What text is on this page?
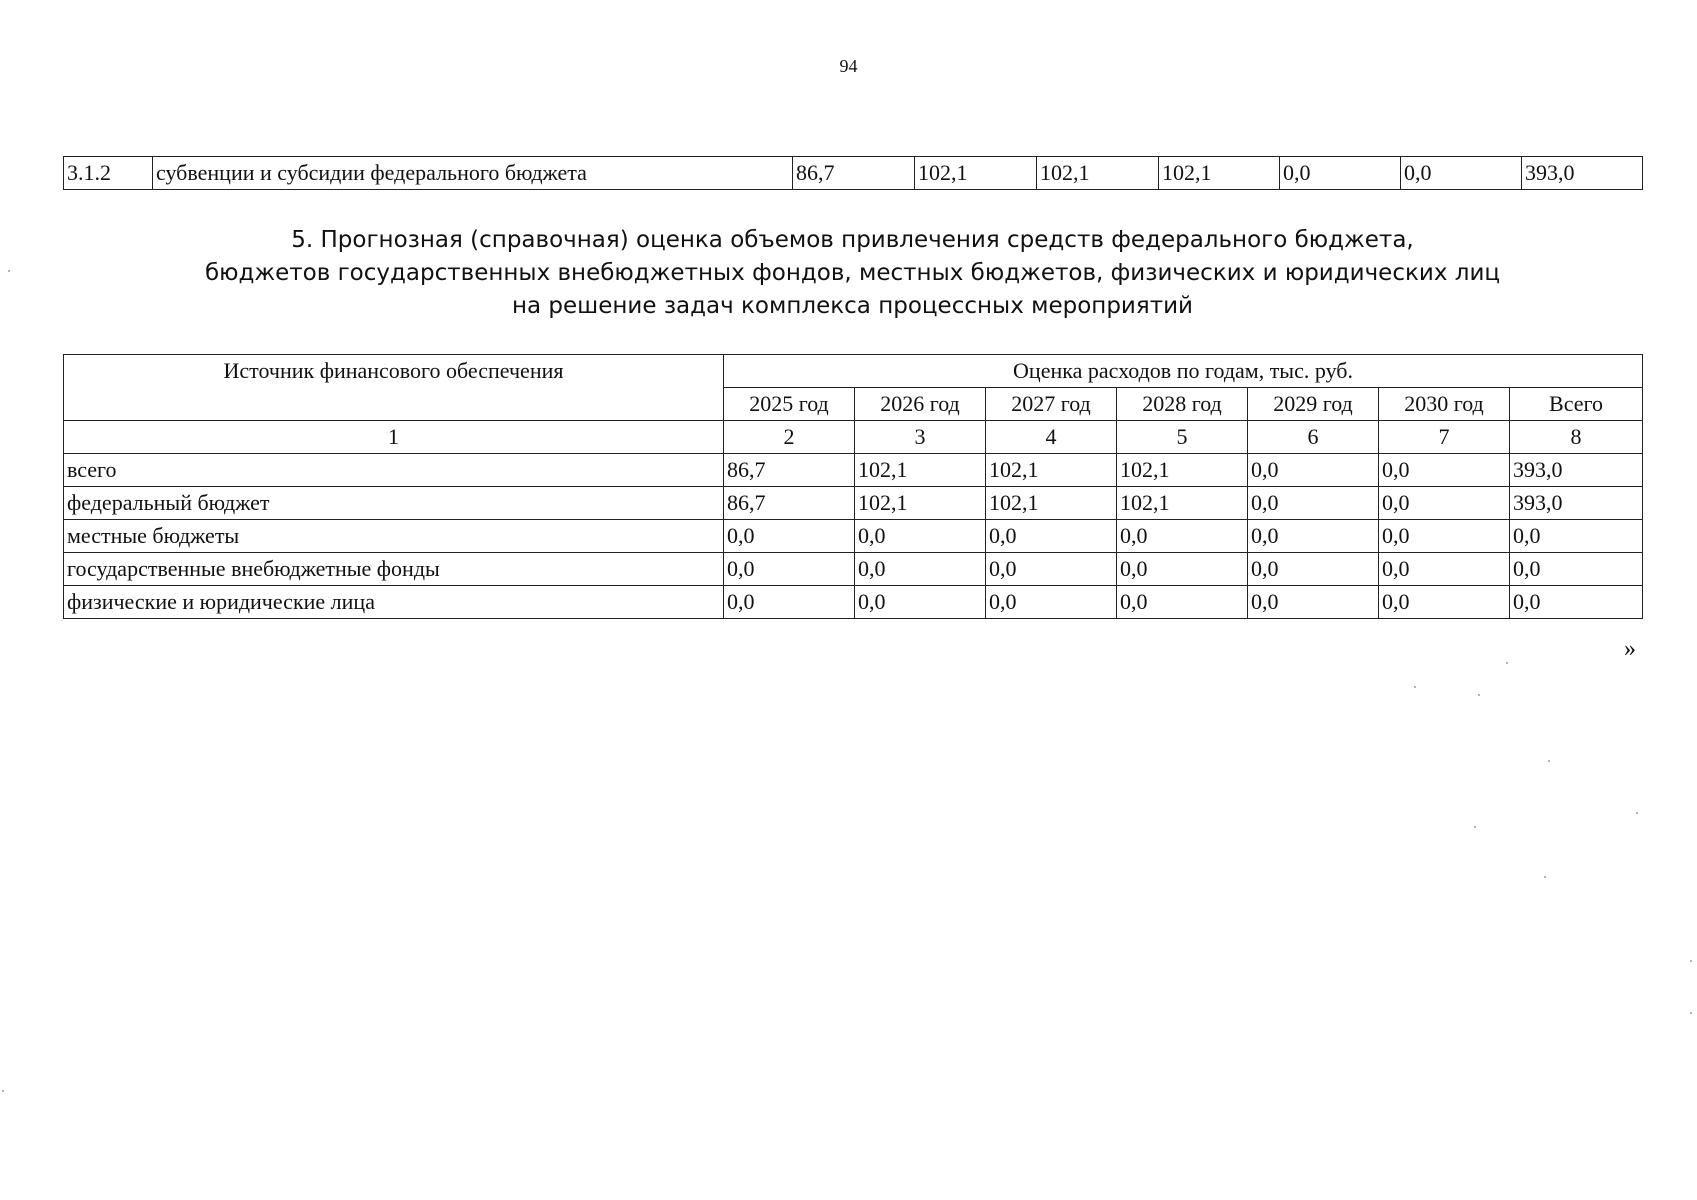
94
3.1.2	субвенции и субсидии федерального бюджета	86,7	102,1	102,1	102,1	0,0	0,0	393,0
5. Прогнозная (справочная) оценка объемов привлечения средств федерального бюджета,
бюджетов государственных внебюджетных фондов, местных бюджетов, физических и юридических лиц
на решение задач комплекса процессных мероприятий
Источник финансового обеспечения	Оценка расходов по годам, тыс. руб.						
	2025 год	2026 год	2027 год	2028 год	2029 год	2030 год	Всего
1	2	3	4	5	6	7	8
всего	86,7	102,1	102,1	102,1	0,0	0,0	393,0
федеральный бюджет	86,7	102,1	102,1	102,1	0,0	0,0	393,0
местные бюджеты	0,0	0,0	0,0	0,0	0,0	0,0	0,0
государственные внебюджетные фонды	0,0	0,0	0,0	0,0	0,0	0,0	0,0
физические и юридические лица	0,0	0,0	0,0	0,0	0,0	0,0	0,0
»
